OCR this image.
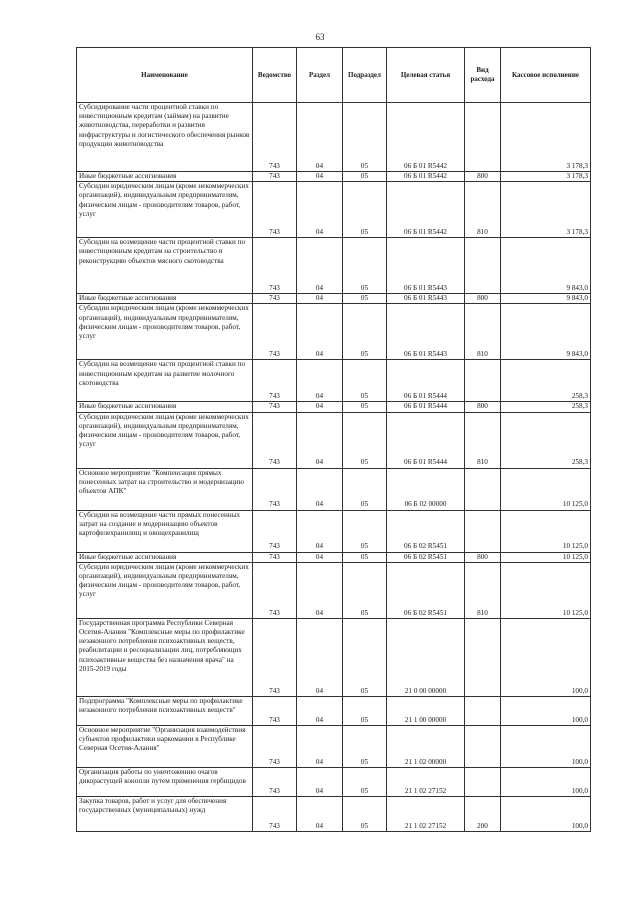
63
Наименование	Ведомство	Раздел	Подраздел	Целевая статья	Вид расхода	Кассовое исполнение
Субсидирование части процентной ставки по инвестиционным кредитам (займам) на развитие животноводства, переработки и развития инфраструктуры и логистического обеспечения рынков продукции животноводства	743	04	05	06 Б 01 R5442		3 178,3
Иные бюджетные ассигнования	743	04	05	06 Б 01 R5442	800	3 178,3
Субсидии юридическим лицам (кроме некоммерческих организаций), индивидуальным предпринимателям, физическим лицам - производителям товаров, работ, услуг	743	04	05	06 Б 01 R5442	810	3 178,3
Субсидии на возмещение части процентной ставки по инвестиционным кредитам на строительство и реконструкцию объектов мясного скотоводства	743	04	05	06 Б 01 R5443		9 843,0
Иные бюджетные ассигнования	743	04	05	06 Б 01 R5443	800	9 843,0
Субсидии юридическим лицам (кроме некоммерческих организаций), индивидуальным предпринимателям, физическим лицам - производителям товаров, работ, услуг	743	04	05	06 Б 01 R5443	810	9 843,0
Субсидии на возмещение части процентной ставки по инвестиционным кредитам на развитие молочного скотоводства	743	04	05	06 Б 01 R5444		258,3
Иные бюджетные ассигнования	743	04	05	06 Б 01 R5444	800	258,3
Субсидии юридическим лицам (кроме некоммерческих организаций), индивидуальным предпринимателям, физическим лицам - производителям товаров, работ, услуг	743	04	05	06 Б 01 R5444	810	258,3
Основное мероприятие "Компенсация прямых понесенных затрат на строительство и модернизацию объектов АПК"	743	04	05	06 Б 02 00000		10 125,0
Субсидии на возмещение части прямых понесенных затрат на создание и модернизацию объектов картофелехранилищ и овощехранилищ	743	04	05	06 Б 02 R5451		10 125,0
Иные бюджетные ассигнования	743	04	05	06 Б 02 R5451	800	10 125,0
Субсидии юридическим лицам (кроме некоммерческих организаций), индивидуальным предпринимателям, физическим лицам - производителям товаров, работ, услуг	743	04	05	06 Б 02 R5451	810	10 125,0
Государственная программа Республики Северная Осетия-Алания "Комплексные меры по профилактике незаконного потребления психоактивных веществ, реабилитации и ресоциализации лиц, потребляющих психоактивные вещества без назначения врача" на 2015-2019 годы	743	04	05	21 0 00 00000		100,0
Подпрограмма "Комплексные меры по профилактике незаконного потребления психоактивных веществ"	743	04	05	21 1 00 00000		100,0
Основное мероприятие "Организация взаимодействия субъектов профилактики наркомании в Республике Северная Осетия-Алания"	743	04	05	21 1 02 00000		100,0
Организация работы по уничтожению очагов дикорастущей конопли путем применения гербицидов	743	04	05	21 1 02 27152		100,0
Закупка товаров, работ и услуг для обеспечения государственных (муниципальных) нужд	743	04	05	21 1 02 27152	200	100,0
